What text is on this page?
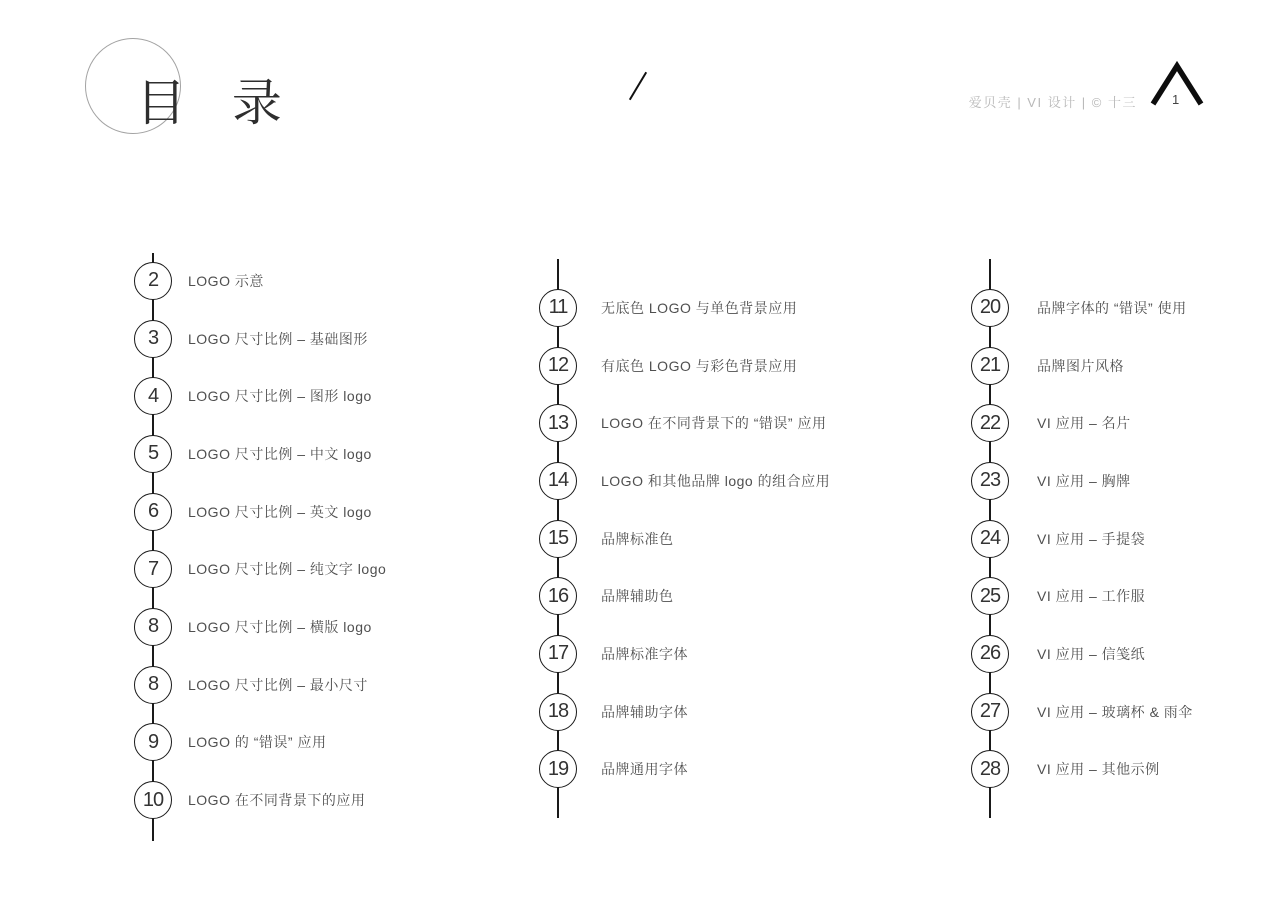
目 录	爱贝壳 | VI 设计 | © 十三	1
2	LOGO 示意
3	LOGO 尺寸比例 – 基础图形
4	LOGO 尺寸比例 – 图形 logo
5	LOGO 尺寸比例 – 中文 logo
6	LOGO 尺寸比例 – 英文 logo
7	LOGO 尺寸比例 – 纯文字 logo
8	LOGO 尺寸比例 – 横版 logo
8	LOGO 尺寸比例 – 最小尺寸
9	LOGO 的 “错误” 应用
10	LOGO 在不同背景下的应用
11	无底色 LOGO 与单色背景应用
12	有底色 LOGO 与彩色背景应用
13	LOGO 在不同背景下的 “错误” 应用
14	LOGO 和其他品牌 logo 的组合应用
15	品牌标准色
16	品牌辅助色
17	品牌标准字体
18	品牌辅助字体
19	品牌通用字体
20	品牌字体的 “错误” 使用
21	品牌图片风格
22	VI 应用 – 名片
23	VI 应用 – 胸牌
24	VI 应用 – 手提袋
25	VI 应用 – 工作服
26	VI 应用 – 信笺纸
27	VI 应用 – 玻璃杯 & 雨伞
28	VI 应用 – 其他示例
